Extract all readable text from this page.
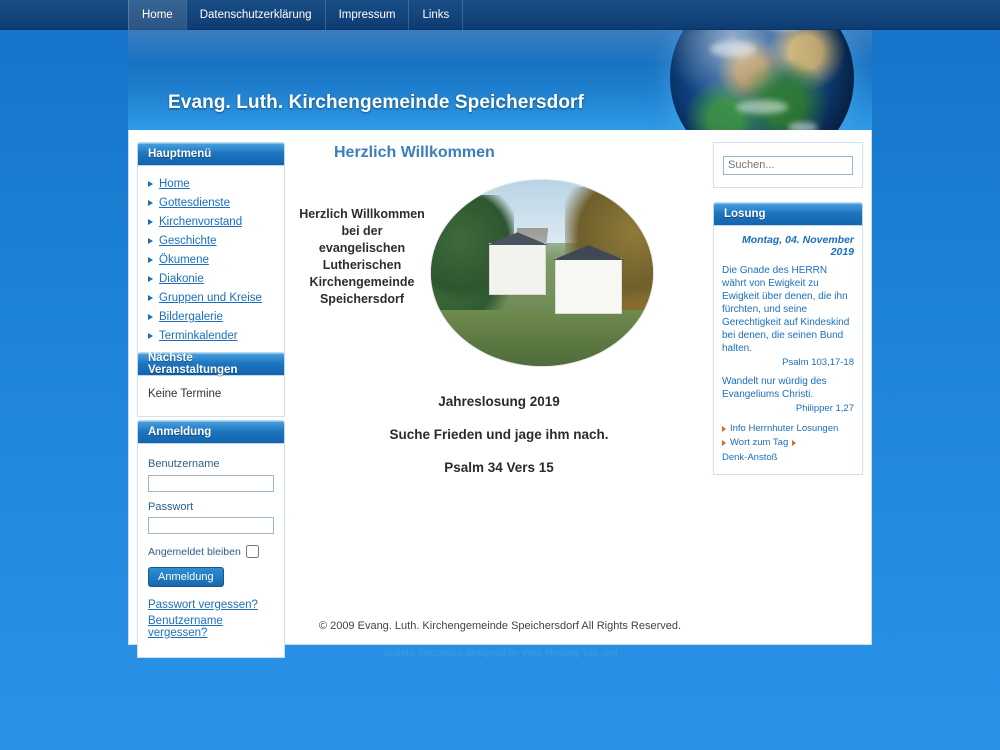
Home	Datenschutzerklärung	Impressum	Links
Evang. Luth. Kirchengemeinde Speichersdorf
Hauptmenü
Home
Gottesdienste
Kirchenvorstand
Geschichte
Ökumene
Diakonie
Gruppen und Kreise
Bildergalerie
Terminkalender
Nächste Veranstaltungen
Keine Termine
Anmeldung
Benutzername
Passwort
Angemeldet bleiben
Anmeldung
Passwort vergessen?
Benutzername vergessen?
Herzlich Willkommen
Herzlich Willkommen bei der evangelischen Lutherischen Kirchengemeinde Speichersdorf
Jahreslosung 2019
Suche Frieden und jage ihm nach.
Psalm 34 Vers 15
Suchen...
Losung
Montag, 04. November 2019
Die Gnade des HERRN währt von Ewigkeit zu Ewigkeit über denen, die ihn fürchten, und seine Gerechtigkeit auf Kindeskind bei denen, die seinen Bund halten.
Psalm 103,17-18
Wandelt nur würdig des Evangeliums Christi.
Philipper 1,27
Info Herrnhuter Losungen
Wort zum Tag
Denk-Anstoß
© 2009 Evang. Luth. Kirchengemeinde Speichersdorf All Rights Reserved.
Joomla Templates designed by Web Hosting Top .org
